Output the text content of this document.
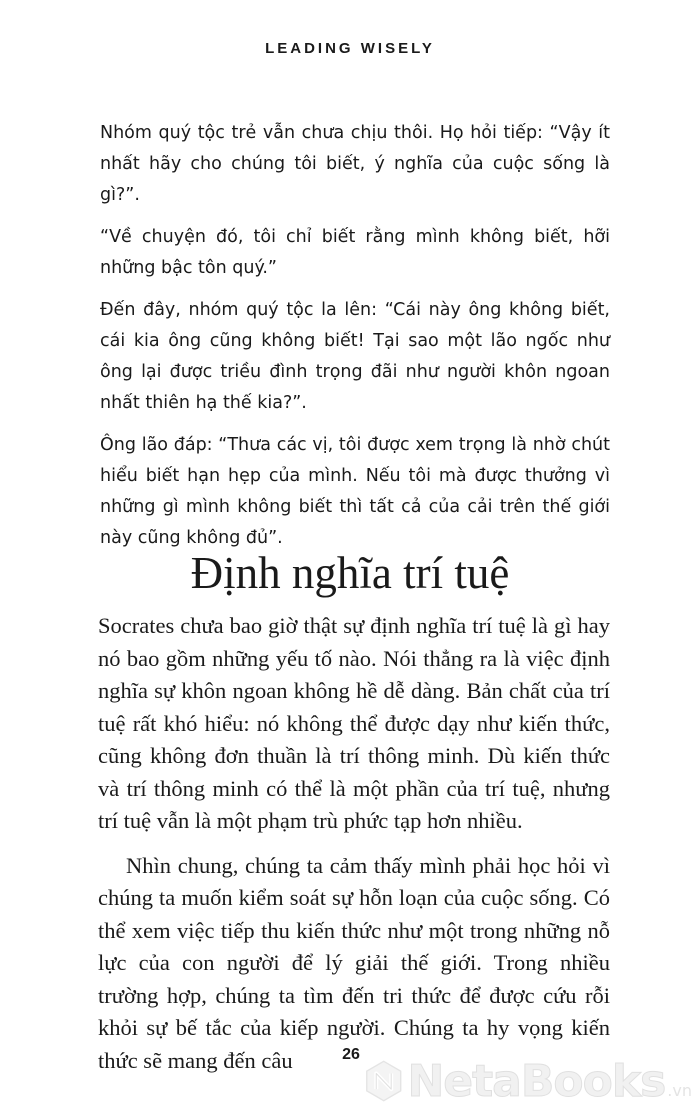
LEADING WISELY

Nhóm quý tộc trẻ vẫn chưa chịu thôi. Họ hỏi tiếp: “Vậy ít nhất hãy cho chúng tôi biết, ý nghĩa của cuộc sống là gì?”.

“Về chuyện đó, tôi chỉ biết rằng mình không biết, hỡi những bậc tôn quý.”

Đến đây, nhóm quý tộc la lên: “Cái này ông không biết, cái kia ông cũng không biết! Tại sao một lão ngốc như ông lại được triều đình trọng đãi như người khôn ngoan nhất thiên hạ thế kia?”.

Ông lão đáp: “Thưa các vị, tôi được xem trọng là nhờ chút hiểu biết hạn hẹp của mình. Nếu tôi mà được thưởng vì những gì mình không biết thì tất cả của cải trên thế giới này cũng không đủ”.

Định nghĩa trí tuệ

Socrates chưa bao giờ thật sự định nghĩa trí tuệ là gì hay nó bao gồm những yếu tố nào. Nói thẳng ra là việc định nghĩa sự khôn ngoan không hề dễ dàng. Bản chất của trí tuệ rất khó hiểu: nó không thể được dạy như kiến thức, cũng không đơn thuần là trí thông minh. Dù kiến thức và trí thông minh có thể là một phần của trí tuệ, nhưng trí tuệ vẫn là một phạm trù phức tạp hơn nhiều.

Nhìn chung, chúng ta cảm thấy mình phải học hỏi vì chúng ta muốn kiểm soát sự hỗn loạn của cuộc sống. Có thể xem việc tiếp thu kiến thức như một trong những nỗ lực của con người để lý giải thế giới. Trong nhiều trường hợp, chúng ta tìm đến tri thức để được cứu rỗi khỏi sự bế tắc của kiếp người. Chúng ta hy vọng kiến thức sẽ mang đến câu	26
NetaBooks .vn
